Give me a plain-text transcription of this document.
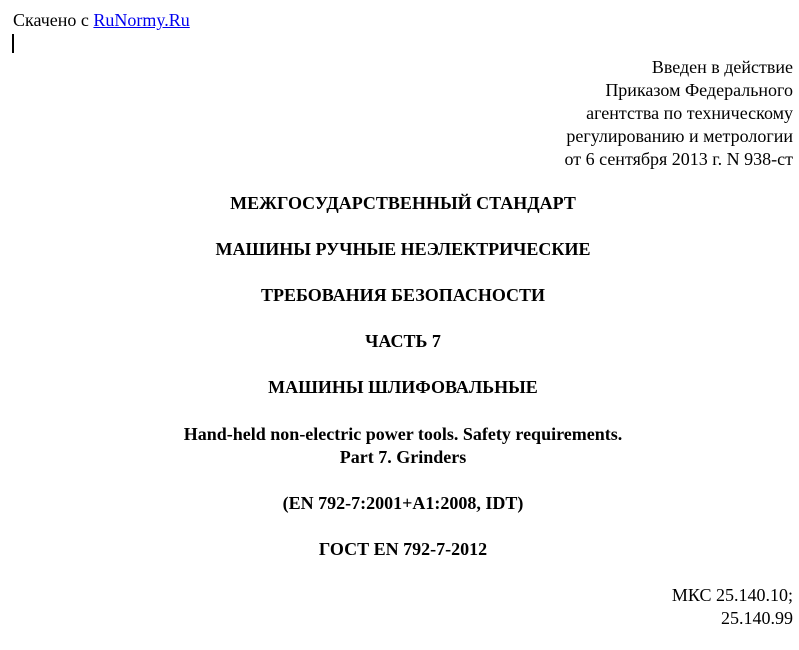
Скачено с RuNormy.Ru
Введен в действие
Приказом Федерального
агентства по техническому
регулированию и метрологии
от 6 сентября 2013 г. N 938-ст
МЕЖГОСУДАРСТВЕННЫЙ СТАНДАРТ
МАШИНЫ РУЧНЫЕ НЕЭЛЕКТРИЧЕСКИЕ
ТРЕБОВАНИЯ БЕЗОПАСНОСТИ
ЧАСТЬ 7
МАШИНЫ ШЛИФОВАЛЬНЫЕ
Hand-held non-electric power tools. Safety requirements.
Part 7. Grinders
(EN 792-7:2001+A1:2008, IDT)
ГОСТ EN 792-7-2012
МКС 25.140.10;
25.140.99
